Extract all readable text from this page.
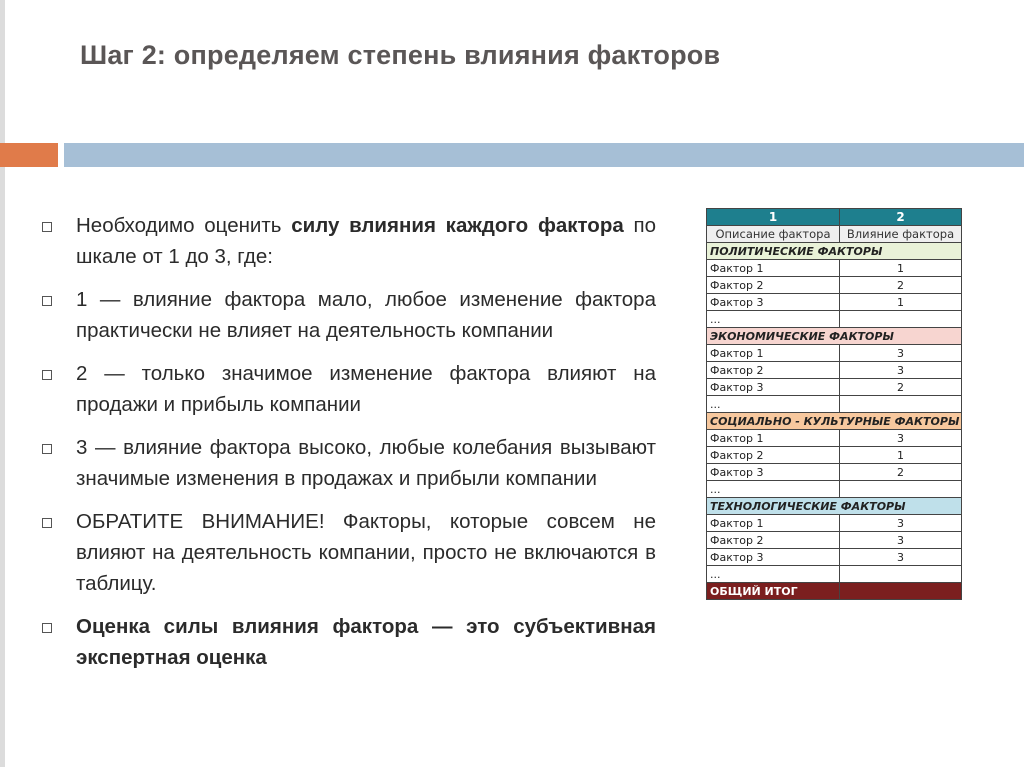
Шаг 2: определяем степень влияния факторов
Необходимо оценить силу влияния каждого фактора по шкале от 1 до 3, где:
1 — влияние фактора мало, любое изменение фактора практически не влияет на деятельность компании
2 — только значимое изменение фактора влияют на продажи и прибыль компании
3 — влияние фактора высоко, любые колебания вызывают значимые изменения в продажах и прибыли компании
ОБРАТИТЕ ВНИМАНИЕ! Факторы, которые совсем не влияют на деятельность компании, просто не включаются в таблицу.
Оценка силы влияния фактора — это субъективная экспертная оценка
1	2
Описание фактора	Влияние фактора
ПОЛИТИЧЕСКИЕ ФАКТОРЫ	
Фактор 1	1
Фактор 2	2
Фактор 3	1
...	
ЭКОНОМИЧЕСКИЕ ФАКТОРЫ	
Фактор 1	3
Фактор 2	3
Фактор 3	2
...	
СОЦИАЛЬНО - КУЛЬТУРНЫЕ ФАКТОРЫ	
Фактор 1	3
Фактор 2	1
Фактор 3	2
...	
ТЕХНОЛОГИЧЕСКИЕ ФАКТОРЫ	
Фактор 1	3
Фактор 2	3
Фактор 3	3
...	
ОБЩИЙ ИТОГ	
